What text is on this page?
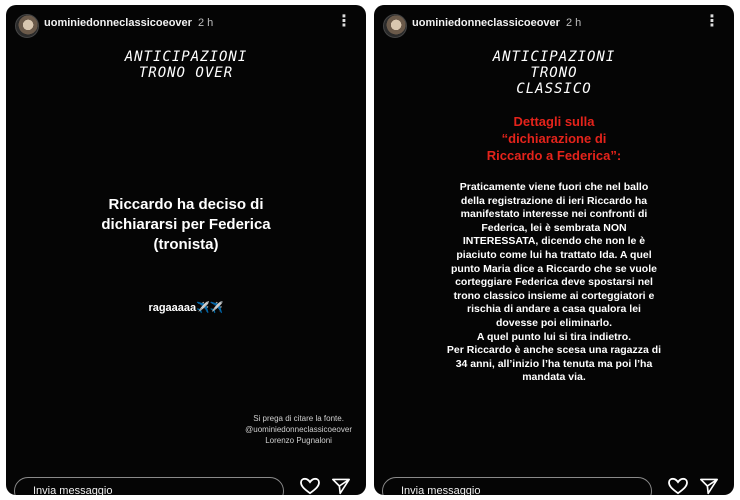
uominiedonneclassicoeover 2 h	⋮
ANTICIPAZIONI
TRONO OVER
Riccardo ha deciso di
dichiararsi per Federica
(tronista)
ragaaaaa✈️✈️
Si prega di citare la fonte.
@uominiedonneclassicoeover
Lorenzo Pugnaloni
Invia messaggio
uominiedonneclassicoeover 2 h	⋮
ANTICIPAZIONI
TRONO
CLASSICO
Dettagli sulla
“dichiarazione di
Riccardo a Federica”:
Praticamente viene fuori che nel ballo
della registrazione di ieri Riccardo ha
manifestato interesse nei confronti di
Federica, lei è sembrata NON
INTERESSATA, dicendo che non le è
piaciuto come lui ha trattato Ida. A quel
punto Maria dice a Riccardo che se vuole
corteggiare Federica deve spostarsi nel
trono classico insieme ai corteggiatori e
rischia di andare a casa qualora lei
dovesse poi eliminarlo.
A quel punto lui si tira indietro.
Per Riccardo è anche scesa una ragazza di
34 anni, all’inizio l’ha tenuta ma poi l’ha
mandata via.
Invia messaggio
